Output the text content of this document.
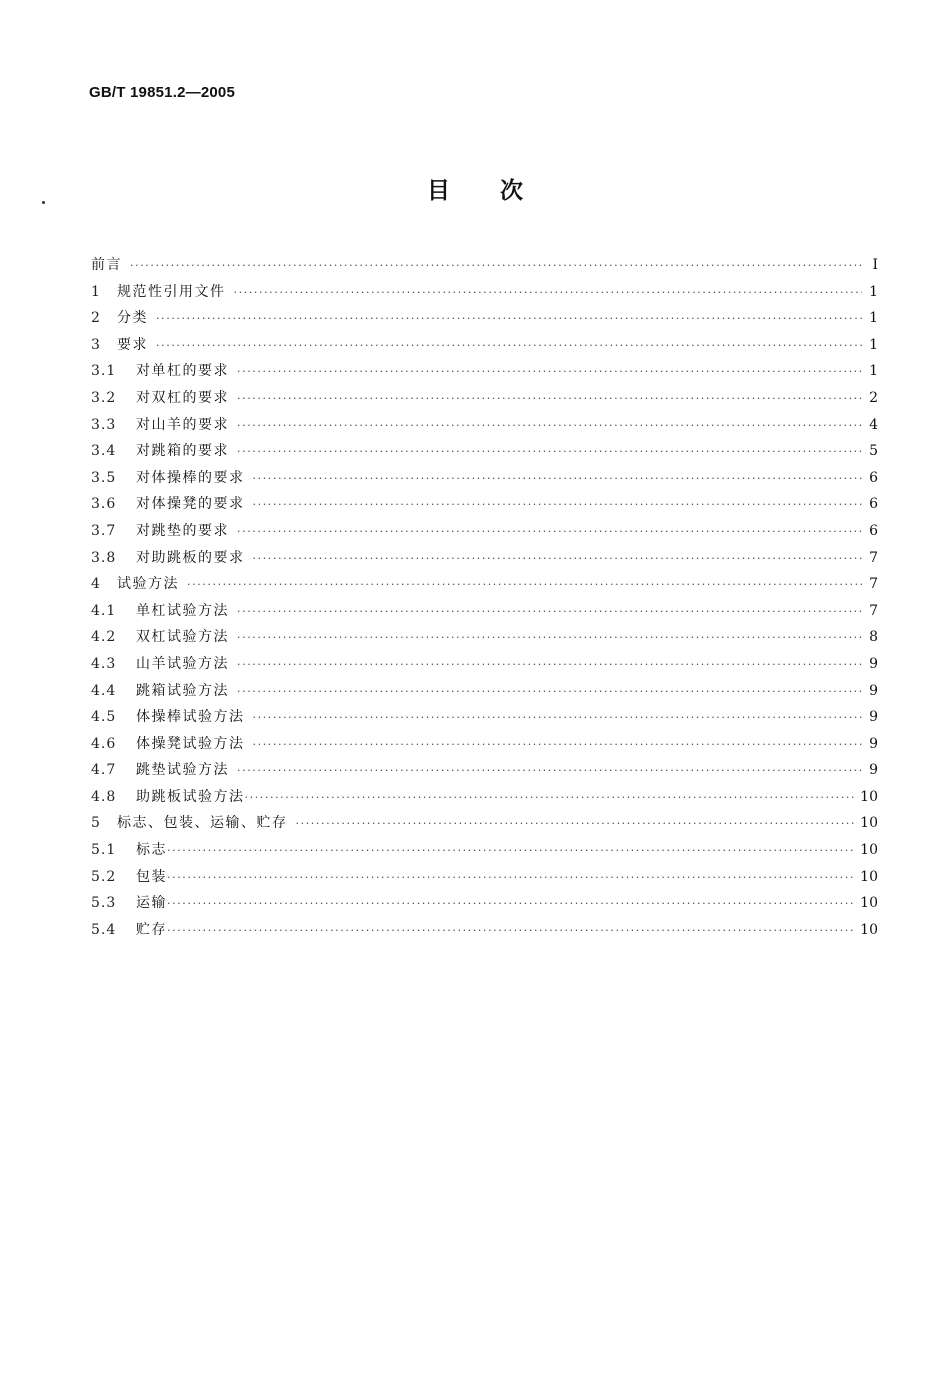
GB/T 19851.2—2005
目 次
前言 ·····	Ⅰ
1	规范性引用文件 ·····	1
2	分类 ·····	1
3	要求 ·····	1
3.1	对单杠的要求 ·····	1
3.2	对双杠的要求 ·····	2
3.3	对山羊的要求 ·····	4
3.4	对跳箱的要求 ·····	5
3.5	对体操棒的要求 ·····	6
3.6	对体操凳的要求 ·····	6
3.7	对跳垫的要求 ·····	6
3.8	对助跳板的要求 ·····	7
4	试验方法 ·····	7
4.1	单杠试验方法 ·····	7
4.2	双杠试验方法 ·····	8
4.3	山羊试验方法 ·····	9
4.4	跳箱试验方法 ·····	9
4.5	体操棒试验方法 ·····	9
4.6	体操凳试验方法 ·····	9
4.7	跳垫试验方法 ·····	9
4.8	助跳板试验方法 ·····	10
5	标志、包装、运输、贮存 ·····	10
5.1	标志 ·····	10
5.2	包装 ·····	10
5.3	运输 ·····	10
5.4	贮存 ·····	10
